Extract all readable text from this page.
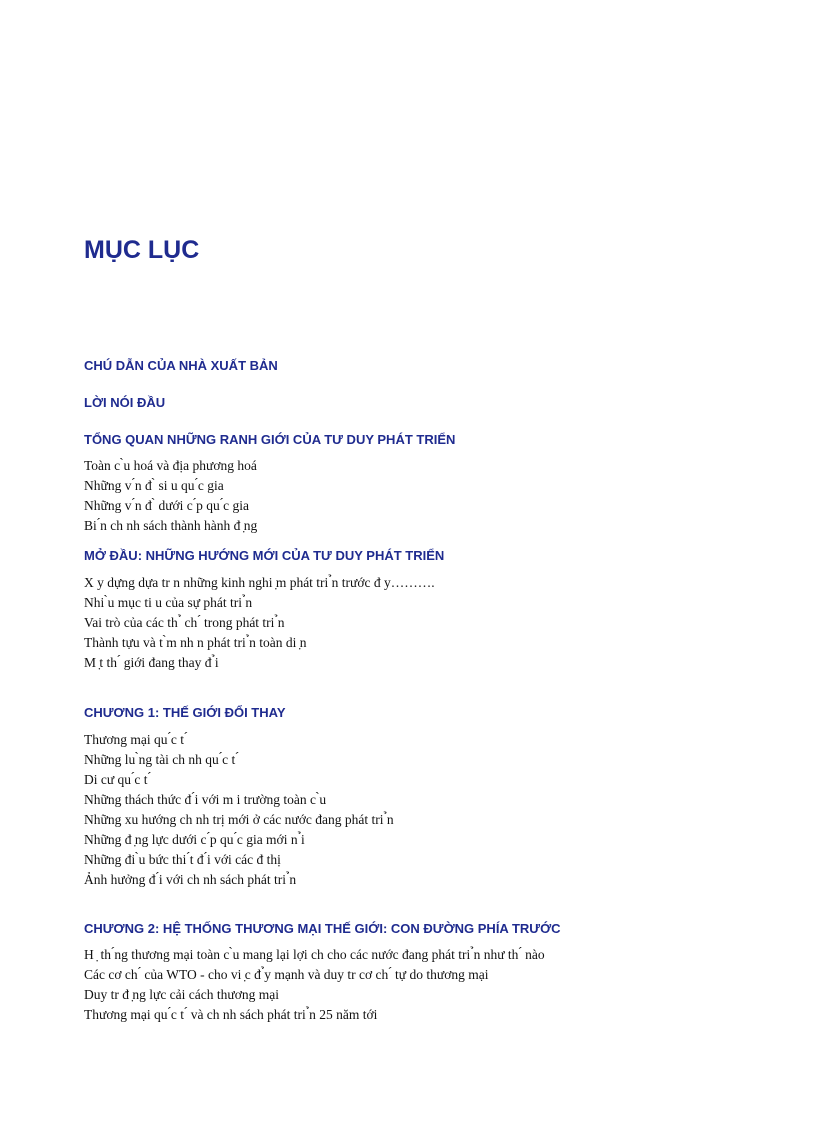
MỤC LỤC
CHÚ DẪN CỦA NHÀ XUẤT BẢN
LỜI NÓI ĐẦU
TỔNG QUAN NHỮNG RANH GIỚI CỦA TƯ DUY PHÁT TRIỂN
Toàn c ̀u hoá và địa phương hoá
Những v ́n đ ̀ si u qu ́c gia
Những v ́n đ ̀ dưới c ́p qu ́c gia
Bi ́n ch nh sách thành hành đ ̣ng
MỞ ĐẦU: NHỮNG HƯỚNG MỚI CỦA TƯ DUY PHÁT TRIỂN
X y dựng dựa tr n những kinh nghi ̣m phát tri ̉n trước đ y……….
Nhi ̀u mục ti u của sự phát tri ̉n
Vai trò của các th ̉ ch ́ trong phát tri ̉n
Thành tựu và t ̀m nh n phát tri ̉n toàn di ̣n
M ̣t th ́ giới đang thay đ ̉i
CHƯƠNG 1: THẾ GIỚI ĐỔI THAY
Thương mại qu ́c t ́
Những lu ̀ng tài ch nh qu ́c t ́
Di cư qu ́c t ́
Những thách thức đ ́i với m i trường toàn c ̀u
Những xu hướng ch nh trị mới ở các nước đang phát tri ̉n
Những đ ̣ng lực dưới c ́p qu ́c gia mới n ̉i
Những đi ̀u bức thi ́t đ ́i với các đ thị
Ảnh hưởng đ ́i với ch nh sách phát tri ̉n
CHƯƠNG 2: HỆ THỐNG THƯƠNG MẠI THẾ GIỚI: CON ĐƯỜNG PHÍA TRƯỚC
H ̣ th ́ng thương mại toàn c ̀u mang lại lợi ch cho các nước đang phát tri ̉n như th ́ nào
Các cơ ch ́ của WTO - cho vi ̣c đ ̉y mạnh và duy tr cơ ch ́ tự do thương mại
Duy tr đ ̣ng lực cải cách thương mại
Thương mại qu ́c t ́ và ch nh sách phát tri ̉n 25 năm tới
